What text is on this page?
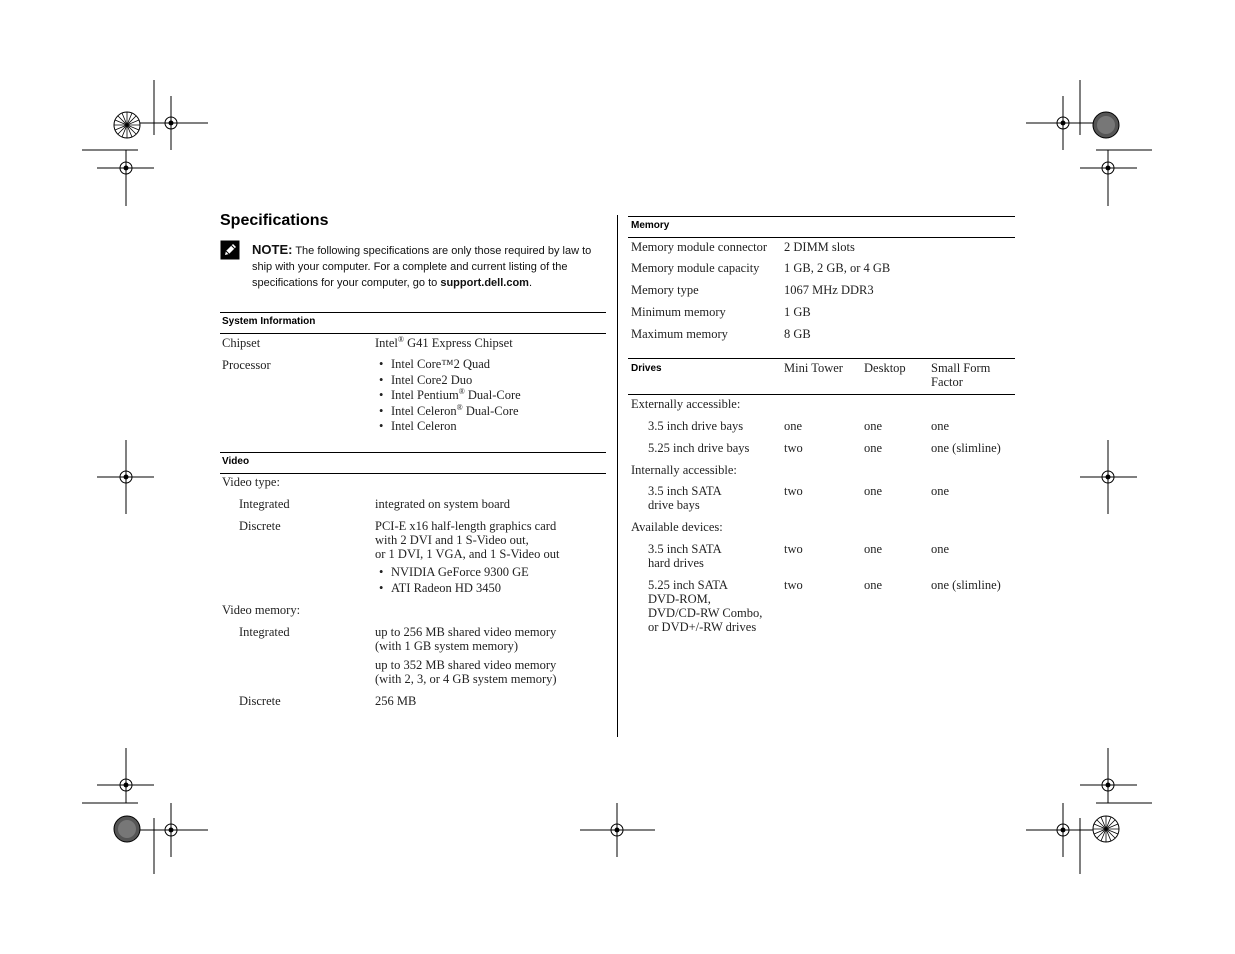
Specifications
NOTE: The following specifications are only those required by law to ship with your computer. For a complete and current listing of the specifications for your computer, go to support.dell.com.
System Information
Chipset	Intel® G41 Express Chipset
Processor
•	Intel Core™2 Quad
• Intel Core2 Duo
• Intel Pentium® Dual-Core
• Intel Celeron® Dual-Core
• Intel Celeron
Video
Video type:
Integrated	integrated on system board
Discrete	PCI-E x16 half-length graphics card
with 2 DVI and 1 S-Video out,
or 1 DVI, 1 VGA, and 1 S-Video out
• NVIDIA GeForce 9300 GE
• ATI Radeon HD 3450
Video memory:
Integrated	up to 256 MB shared video memory
(with 1 GB system memory)
up to 352 MB shared video memory
(with 2, 3, or 4 GB system memory)
Discrete	256 MB
Memory
Memory module connector 2 DIMM slots
Memory module capacity 1 GB, 2 GB, or 4 GB
Memory type	1067 MHz DDR3
Minimum memory	1 GB
Maximum memory	8 GB
Drives	Mini Tower Desktop Small Form
Factor
Externally accessible:
3.5 inch drive bays	one	one	one
5.25 inch drive bays	two	one	one (slimline)
Internally accessible:
3.5 inch SATA
drive bays
two	one	one
Available devices:
3.5 inch SATA
hard drives
two	one	one
5.25 inch SATA
DVD-ROM,
DVD/CD-RW Combo,
or DVD+/-RW drives
two	one	one (slimline)
